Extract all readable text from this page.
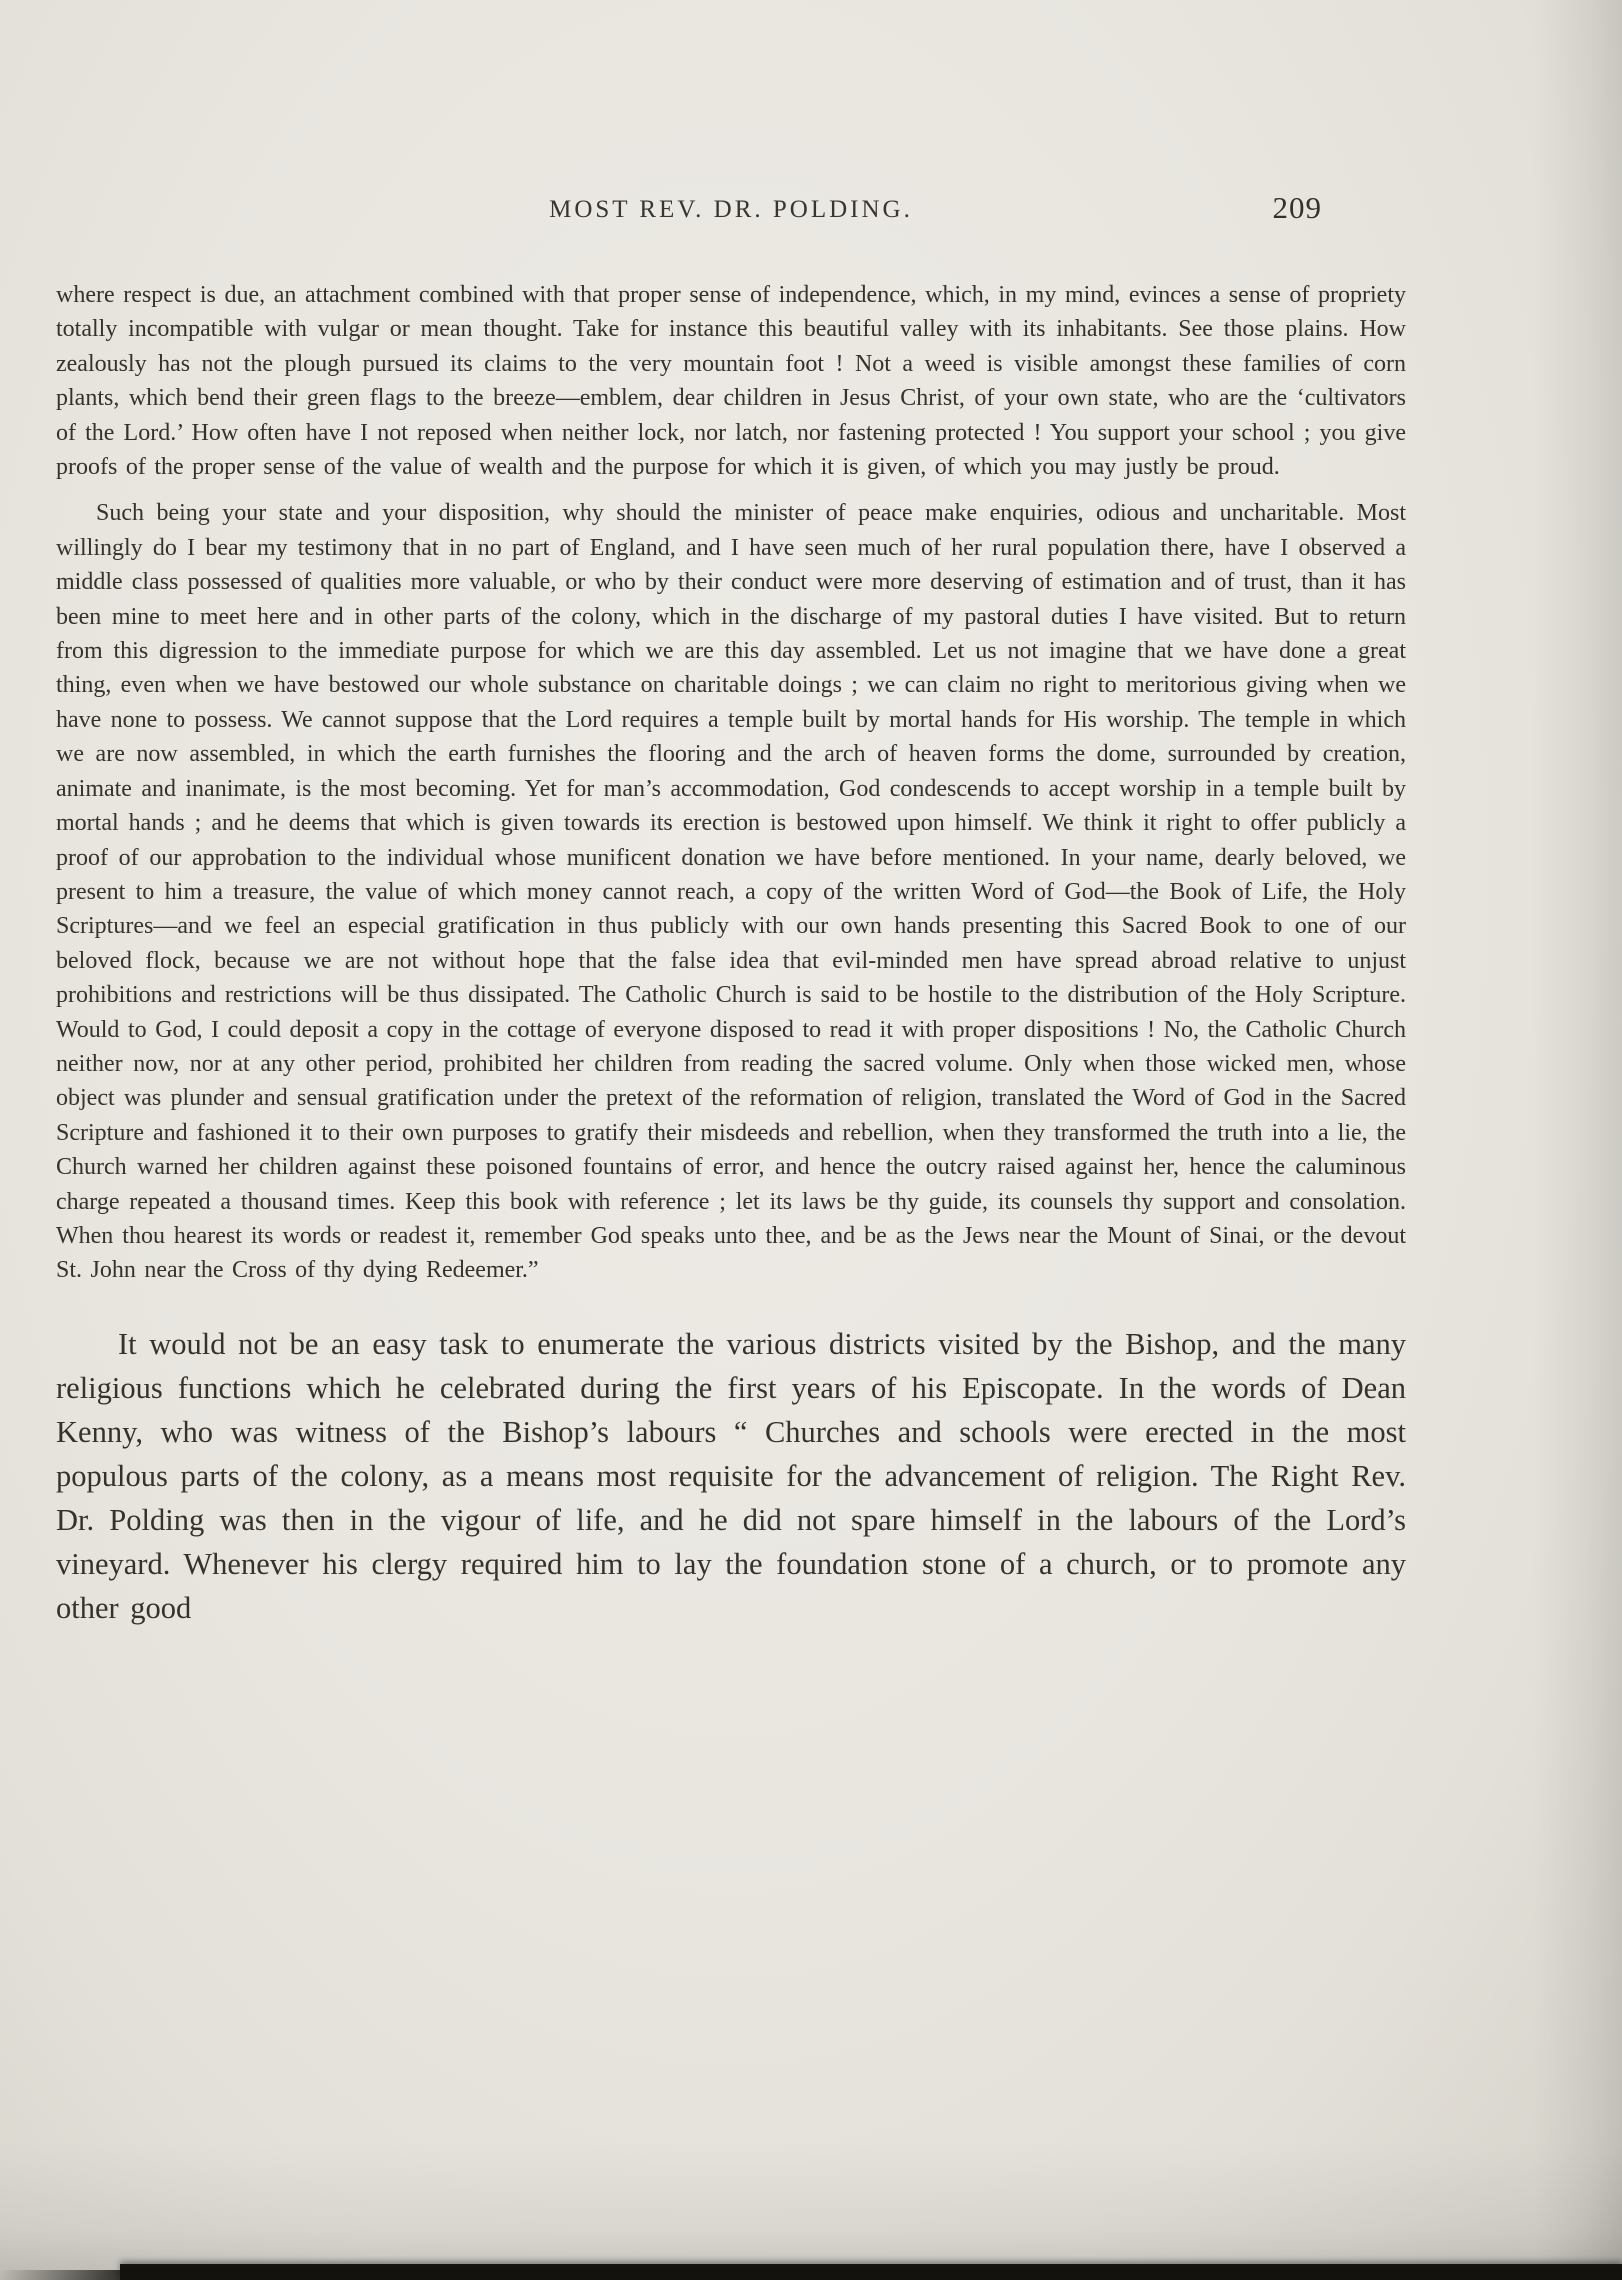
MOST REV. DR. POLDING.	209

where respect is due, an attachment combined with that proper sense of independence, which, in my mind, evinces a sense of propriety totally incompatible with vulgar or mean thought. Take for instance this beautiful valley with its inhabitants. See those plains. How zealously has not the plough pursued its claims to the very mountain foot ! Not a weed is visible amongst these families of corn plants, which bend their green flags to the breeze—emblem, dear children in Jesus Christ, of your own state, who are the ‘cultivators of the Lord.’ How often have I not reposed when neither lock, nor latch, nor fastening protected ! You support your school ; you give proofs of the proper sense of the value of wealth and the purpose for which it is given, of which you may justly be proud.

Such being your state and your disposition, why should the minister of peace make enquiries, odious and uncharitable. Most willingly do I bear my testimony that in no part of England, and I have seen much of her rural population there, have I observed a middle class possessed of qualities more valuable, or who by their conduct were more deserving of estimation and of trust, than it has been mine to meet here and in other parts of the colony, which in the discharge of my pastoral duties I have visited. But to return from this digression to the immediate purpose for which we are this day assembled. Let us not imagine that we have done a great thing, even when we have bestowed our whole substance on charitable doings ; we can claim no right to meritorious giving when we have none to possess. We cannot suppose that the Lord requires a temple built by mortal hands for His worship. The temple in which we are now assembled, in which the earth furnishes the flooring and the arch of heaven forms the dome, surrounded by creation, animate and inanimate, is the most becoming. Yet for man’s accommodation, God condescends to accept worship in a temple built by mortal hands ; and he deems that which is given towards its erection is bestowed upon himself. We think it right to offer publicly a proof of our approbation to the individual whose munificent donation we have before mentioned. In your name, dearly beloved, we present to him a treasure, the value of which money cannot reach, a copy of the written Word of God—the Book of Life, the Holy Scriptures—and we feel an especial gratification in thus publicly with our own hands presenting this Sacred Book to one of our beloved flock, because we are not without hope that the false idea that evil-minded men have spread abroad relative to unjust prohibitions and restrictions will be thus dissipated. The Catholic Church is said to be hostile to the distribution of the Holy Scripture. Would to God, I could deposit a copy in the cottage of everyone disposed to read it with proper dispositions ! No, the Catholic Church neither now, nor at any other period, prohibited her children from reading the sacred volume. Only when those wicked men, whose object was plunder and sensual gratification under the pretext of the reformation of religion, translated the Word of God in the Sacred Scripture and fashioned it to their own purposes to gratify their misdeeds and rebellion, when they transformed the truth into a lie, the Church warned her children against these poisoned fountains of error, and hence the outcry raised against her, hence the caluminous charge repeated a thousand times. Keep this book with reference ; let its laws be thy guide, its counsels thy support and consolation. When thou hearest its words or readest it, remember God speaks unto thee, and be as the Jews near the Mount of Sinai, or the devout St. John near the Cross of thy dying Redeemer.”

It would not be an easy task to enumerate the various districts visited by the Bishop, and the many religious functions which he celebrated during the first years of his Episcopate. In the words of Dean Kenny, who was witness of the Bishop’s labours “ Churches and schools were erected in the most populous parts of the colony, as a means most requisite for the advancement of religion. The Right Rev. Dr. Polding was then in the vigour of life, and he did not spare himself in the labours of the Lord’s vineyard. Whenever his clergy required him to lay the foundation stone of a church, or to promote any other good
